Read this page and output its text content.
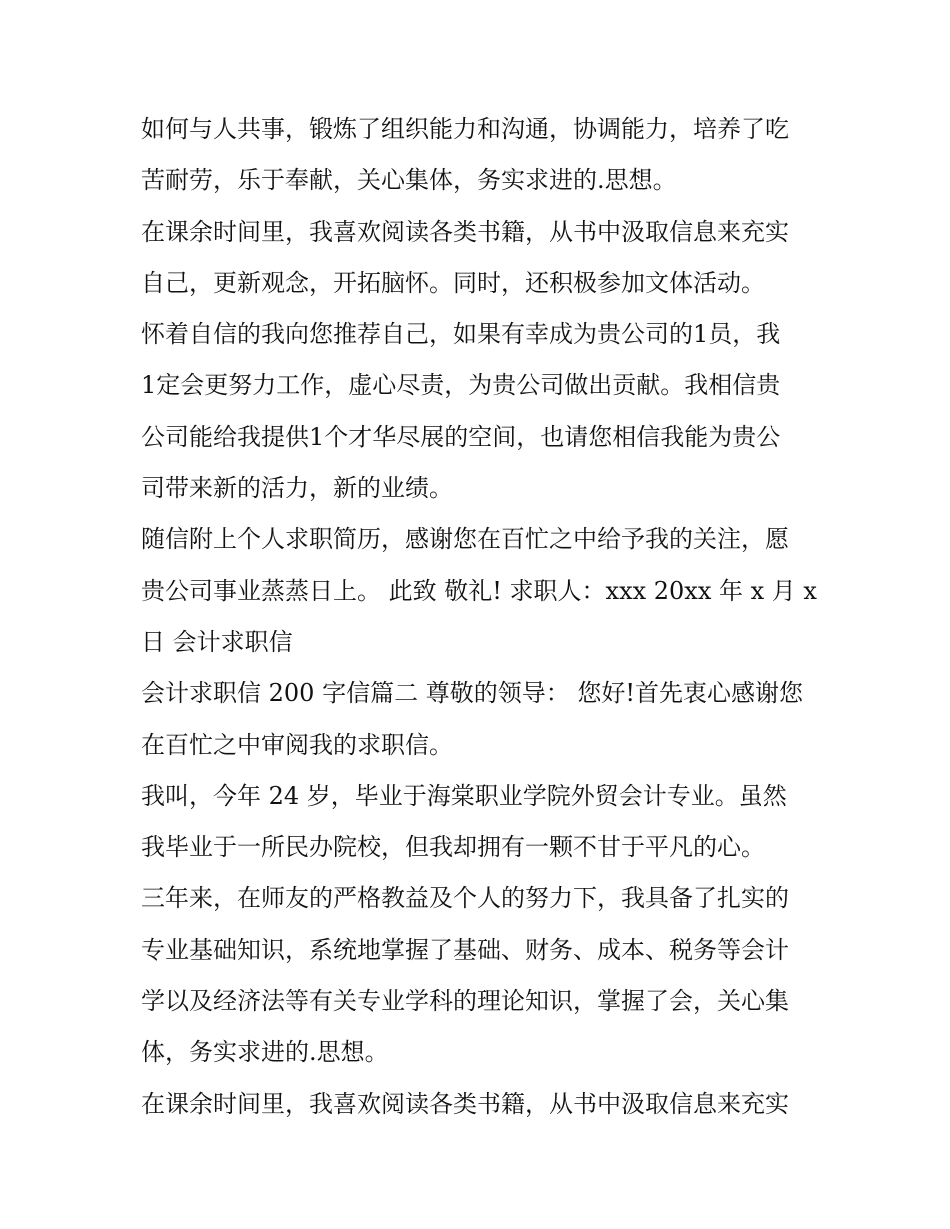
如何与人共事，锻炼了组织能力和沟通，协调能力，培养了吃
苦耐劳，乐于奉献，关心集体，务实求进的.思想。
在课余时间里，我喜欢阅读各类书籍，从书中汲取信息来充实
自己，更新观念，开拓脑怀。同时，还积极参加文体活动。
怀着自信的我向您推荐自己，如果有幸成为贵公司的1员，我
1定会更努力工作，虚心尽责，为贵公司做出贡献。我相信贵
公司能给我提供1个才华尽展的空间，也请您相信我能为贵公
司带来新的活力，新的业绩。
随信附上个人求职简历，感谢您在百忙之中给予我的关注，愿
贵公司事业蒸蒸日上。 此致 敬礼! 求职人：xxx 20xx 年 x 月 x
日 会计求职信
会计求职信 200 字信篇二 尊敬的领导： 您好!首先衷心感谢您
在百忙之中审阅我的求职信。
我叫，今年 24 岁，毕业于海棠职业学院外贸会计专业。虽然
我毕业于一所民办院校，但我却拥有一颗不甘于平凡的心。
三年来，在师友的严格教益及个人的努力下，我具备了扎实的
专业基础知识，系统地掌握了基础、财务、成本、税务等会计
学以及经济法等有关专业学科的理论知识，掌握了会，关心集
体，务实求进的.思想。
在课余时间里，我喜欢阅读各类书籍，从书中汲取信息来充实
